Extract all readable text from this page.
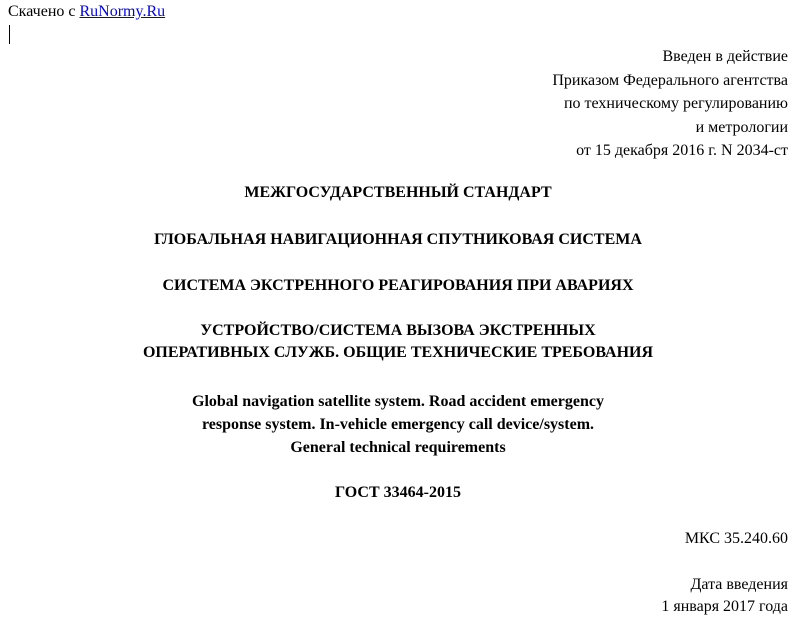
Скачено с RuNormy.Ru
Введен в действие
Приказом Федерального агентства
по техническому регулированию
и метрологии
от 15 декабря 2016 г. N 2034-ст
МЕЖГОСУДАРСТВЕННЫЙ СТАНДАРТ
ГЛОБАЛЬНАЯ НАВИГАЦИОННАЯ СПУТНИКОВАЯ СИСТЕМА
СИСТЕМА ЭКСТРЕННОГО РЕАГИРОВАНИЯ ПРИ АВАРИЯХ
УСТРОЙСТВО/СИСТЕМА ВЫЗОВА ЭКСТРЕННЫХ
ОПЕРАТИВНЫХ СЛУЖБ. ОБЩИЕ ТЕХНИЧЕСКИЕ ТРЕБОВАНИЯ
Global navigation satellite system. Road accident emergency
response system. In-vehicle emergency call device/system.
General technical requirements
ГОСТ 33464-2015
МКС 35.240.60
Дата введения
1 января 2017 года
